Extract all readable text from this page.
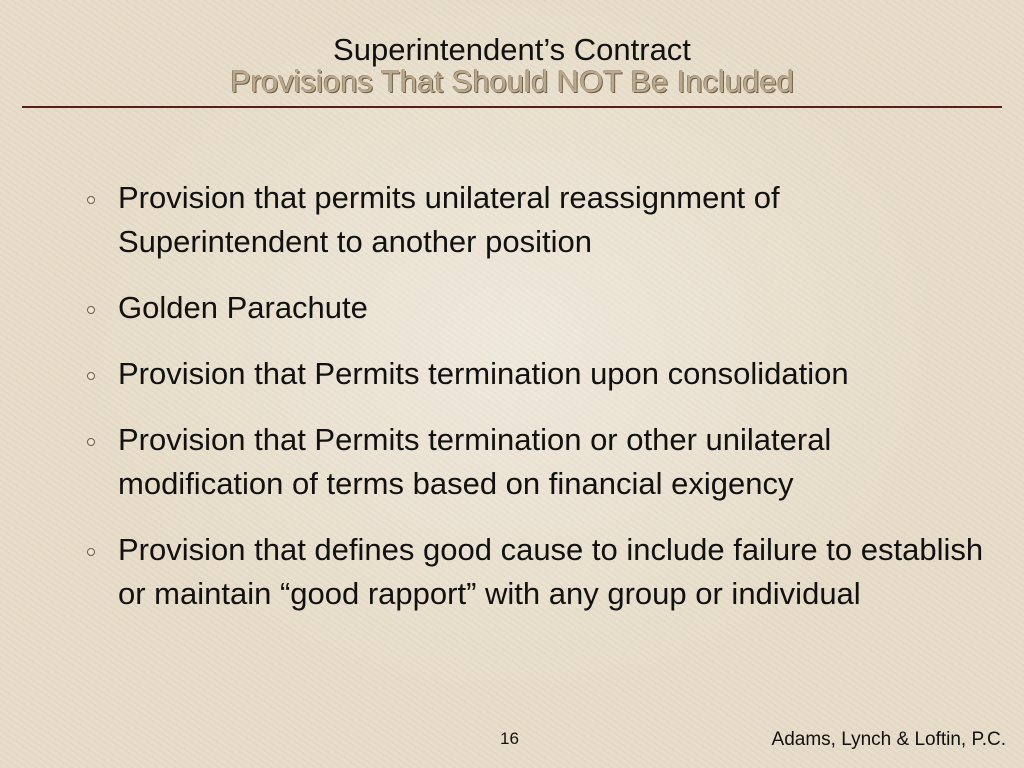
Superintendent’s Contract
Provisions That Should NOT Be Included
Provision that permits unilateral reassignment of Superintendent to another position
Golden Parachute
Provision that Permits termination upon consolidation
Provision that Permits termination or other unilateral modification of terms based on financial exigency
Provision that defines good cause to include failure to establish or maintain “good rapport” with any group or individual
16	Adams, Lynch & Loftin, P.C.
